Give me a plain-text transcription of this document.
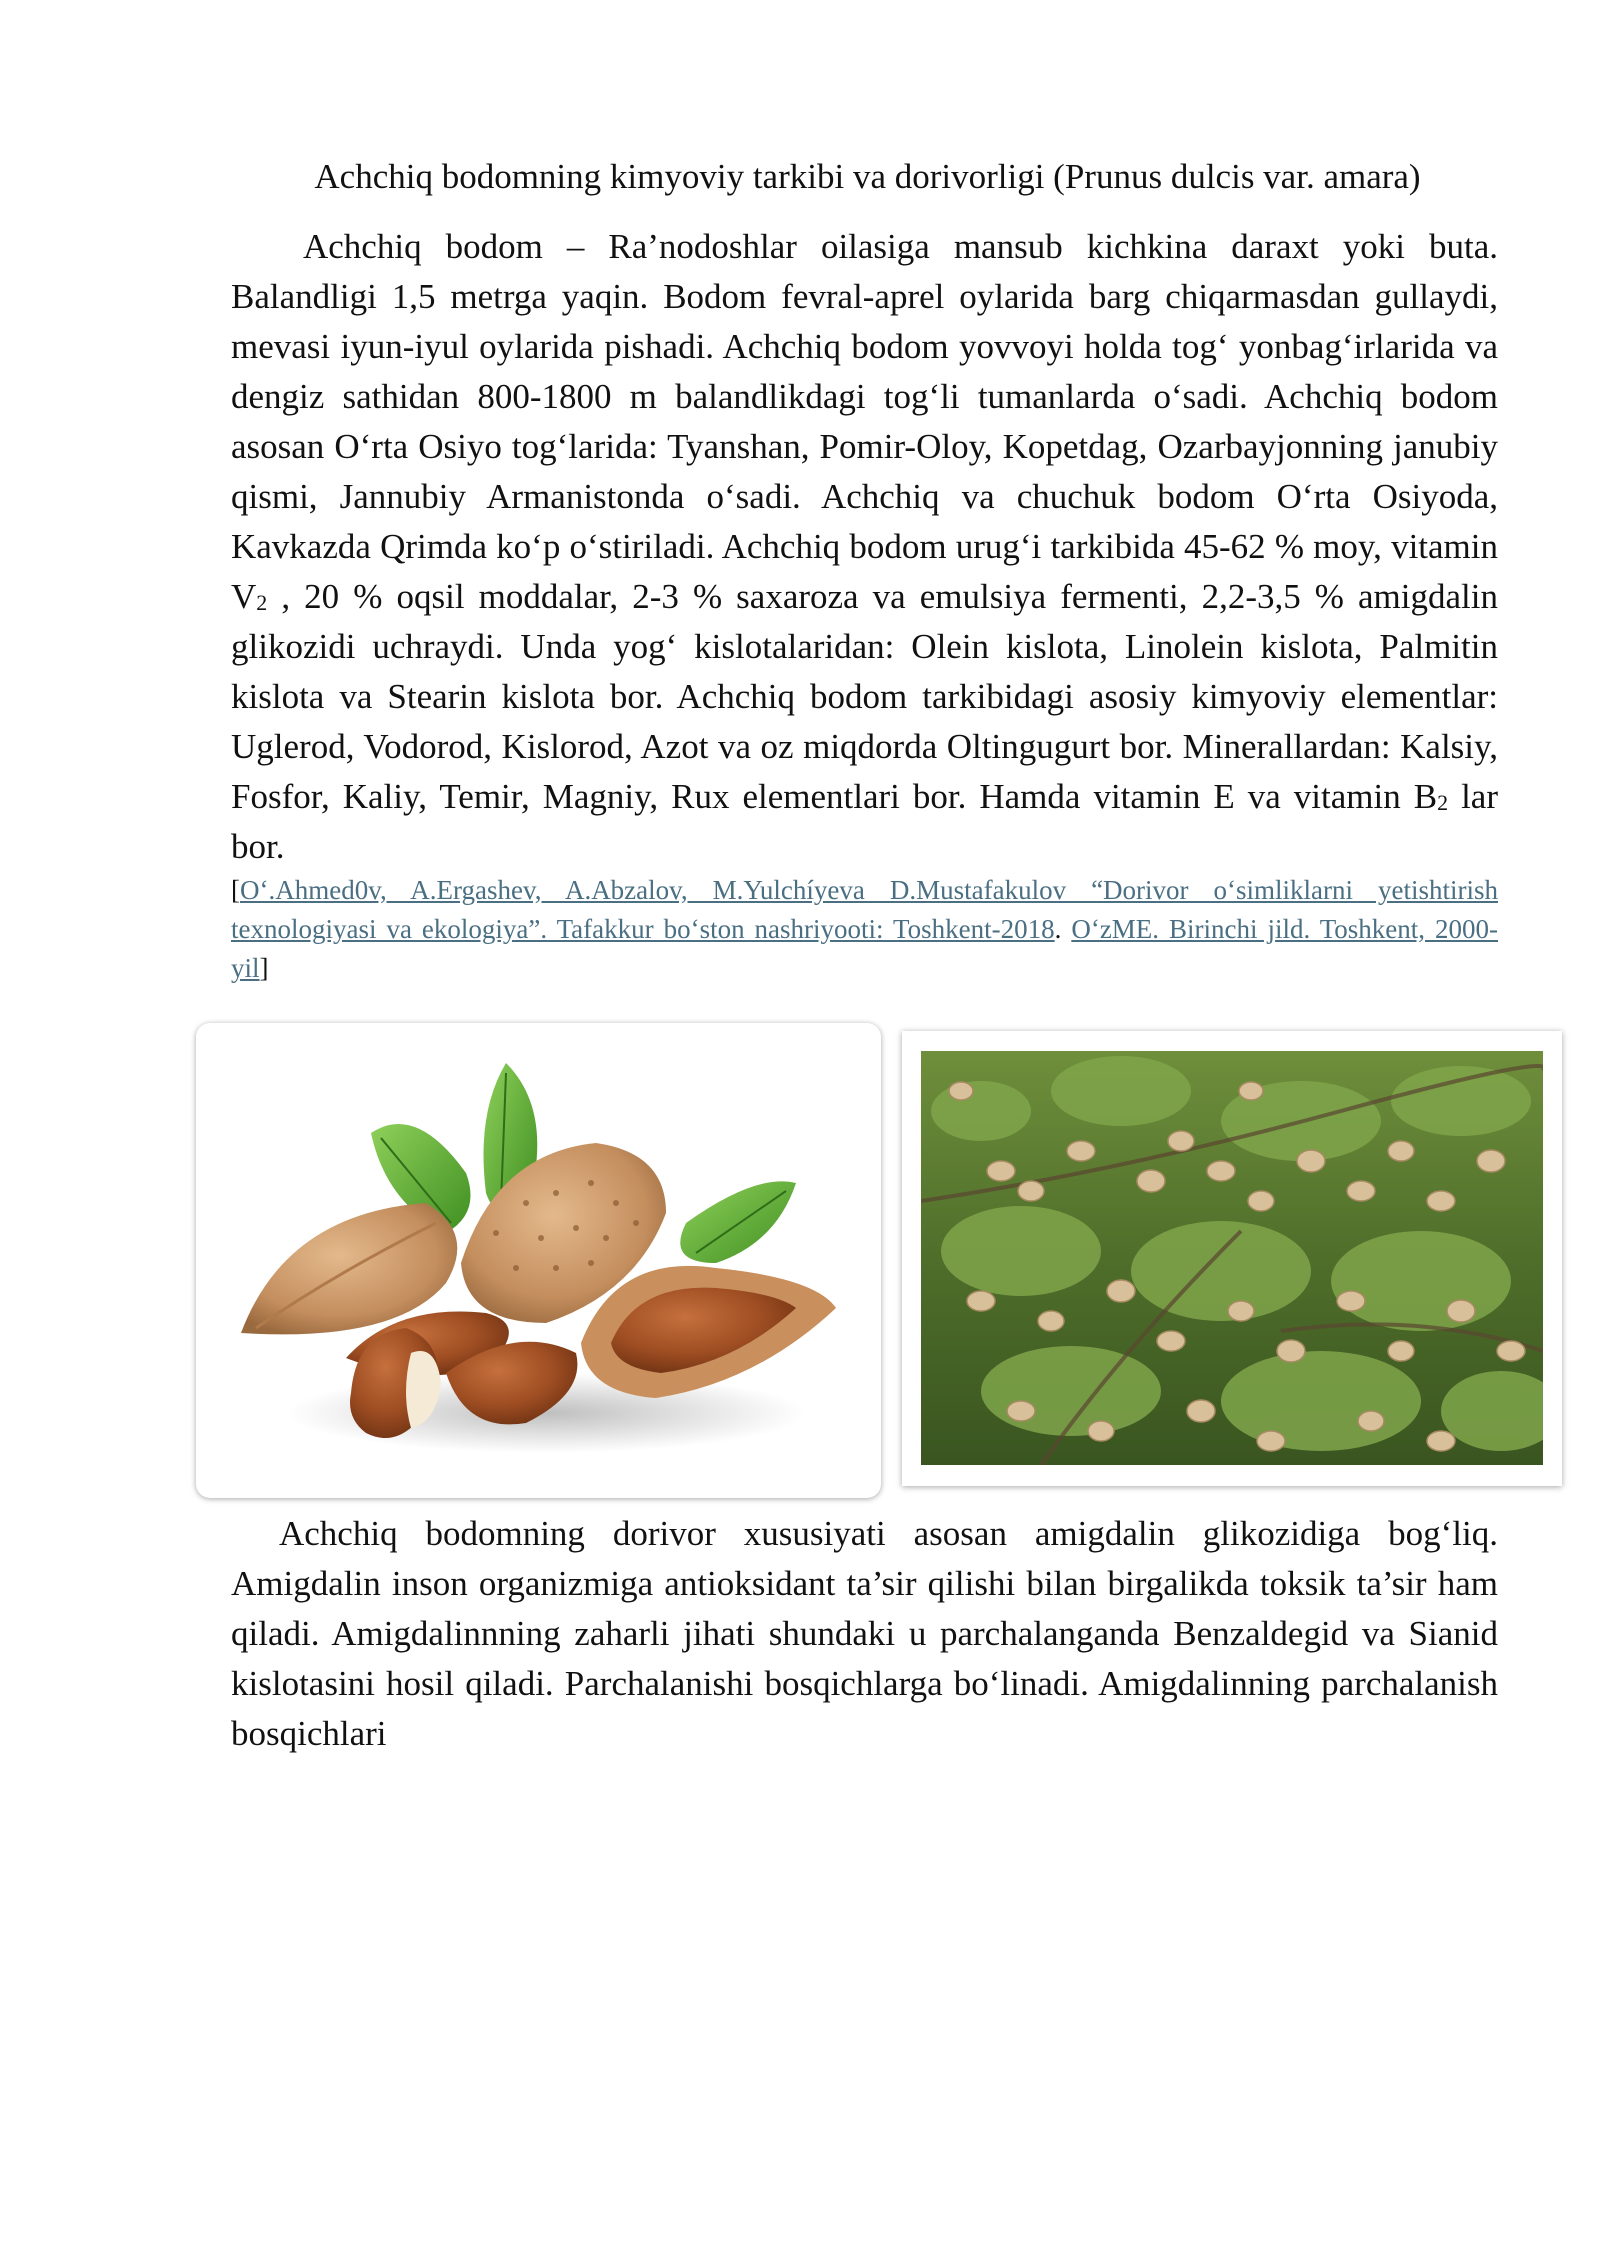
Achchiq bodomning kimyoviy tarkibi va dorivorligi (Prunus dulcis var. amara)

Achchiq bodom – Ra’nodoshlar oilasiga mansub kichkina daraxt yoki buta. Balandligi 1,5 metrga yaqin. Bodom fevral-aprel oylarida barg chiqarmasdan gullaydi, mevasi iyun-iyul oylarida pishadi. Achchiq bodom yovvoyi holda tog‘ yonbag‘irlarida va dengiz sathidan 800-1800 m balandlikdagi tog‘li tumanlarda o‘sadi. Achchiq bodom asosan O‘rta Osiyo tog‘larida: Tyanshan, Pomir-Oloy, Kopetdag, Ozarbayjonning janubiy qismi, Jannubiy Armanistonda o‘sadi. Achchiq va chuchuk bodom O‘rta Osiyoda, Kavkazda Qrimda ko‘p o‘stiriladi. Achchiq bodom urug‘i tarkibida 45-62 % moy, vitamin $V_2$ , 20 % oqsil moddalar, 2-3 % saxaroza va emulsiya fermenti, 2,2-3,5 % amigdalin glikozidi uchraydi. Unda yog‘ kislotalaridan: Olein kislota, Linolein kislota, Palmitin kislota va Stearin kislota bor. Achchiq bodom tarkibidagi asosiy kimyoviy elementlar: Uglerod, Vodorod, Kislorod, Azot va oz miqdorda Oltingugurt bor. Minerallardan: Kalsiy, Fosfor, Kaliy, Temir, Magniy, Rux elementlari bor. Hamda vitamin E va vitamin $B_2$ lar bor.

[O‘.Ahmed0v, A.Ergashev, A.Abzalov, M.Yulchíyeva D.Mustafakulov “Dorivor o‘simliklarni yetishtirish texnologiyasi va ekologiya”. Tafakkur bo‘ston nashriyooti: Toshkent-2018. O‘zME. Birinchi jild. Toshkent, 2000-yil]

Achchiq bodomning dorivor xususiyati asosan amigdalin glikozidiga bog‘liq. Amigdalin inson organizmiga antioksidant ta’sir qilishi bilan birgalikda toksik ta’sir ham qiladi. Amigdalinnning zaharli jihati shundaki u parchalanganda Benzaldegid va Sianid kislotasini hosil qiladi. Parchalanishi bosqichlarga bo‘linadi. Amigdalinning parchalanish bosqichlari
